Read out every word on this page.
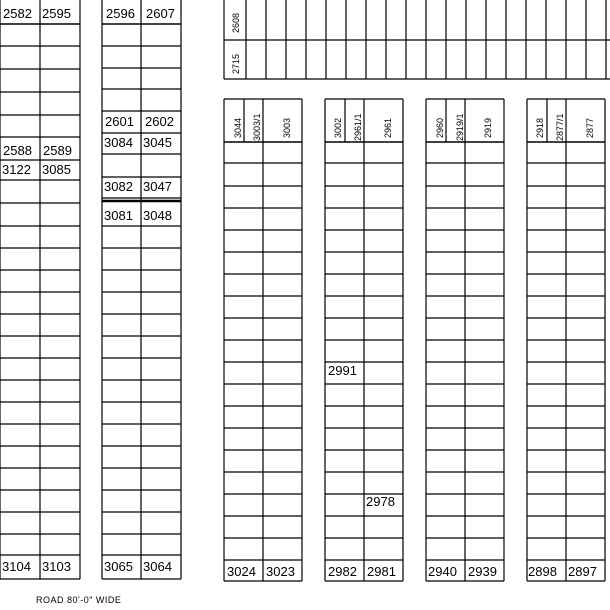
2582 2595
2588 2589
3122 3085
3104 3103
2596 2607
2601 2602
3084 3045
3082 3047
3081 3048
3065 3064
2608
2715
3044 3003/1 3003
3024 3023
3002 2961/1 2961
2991
2978
2982 2981
2960 2919/1 2919
2940 2939
2918 2877/1 2877
2898 2897
ROAD 80'-0" WIDE
